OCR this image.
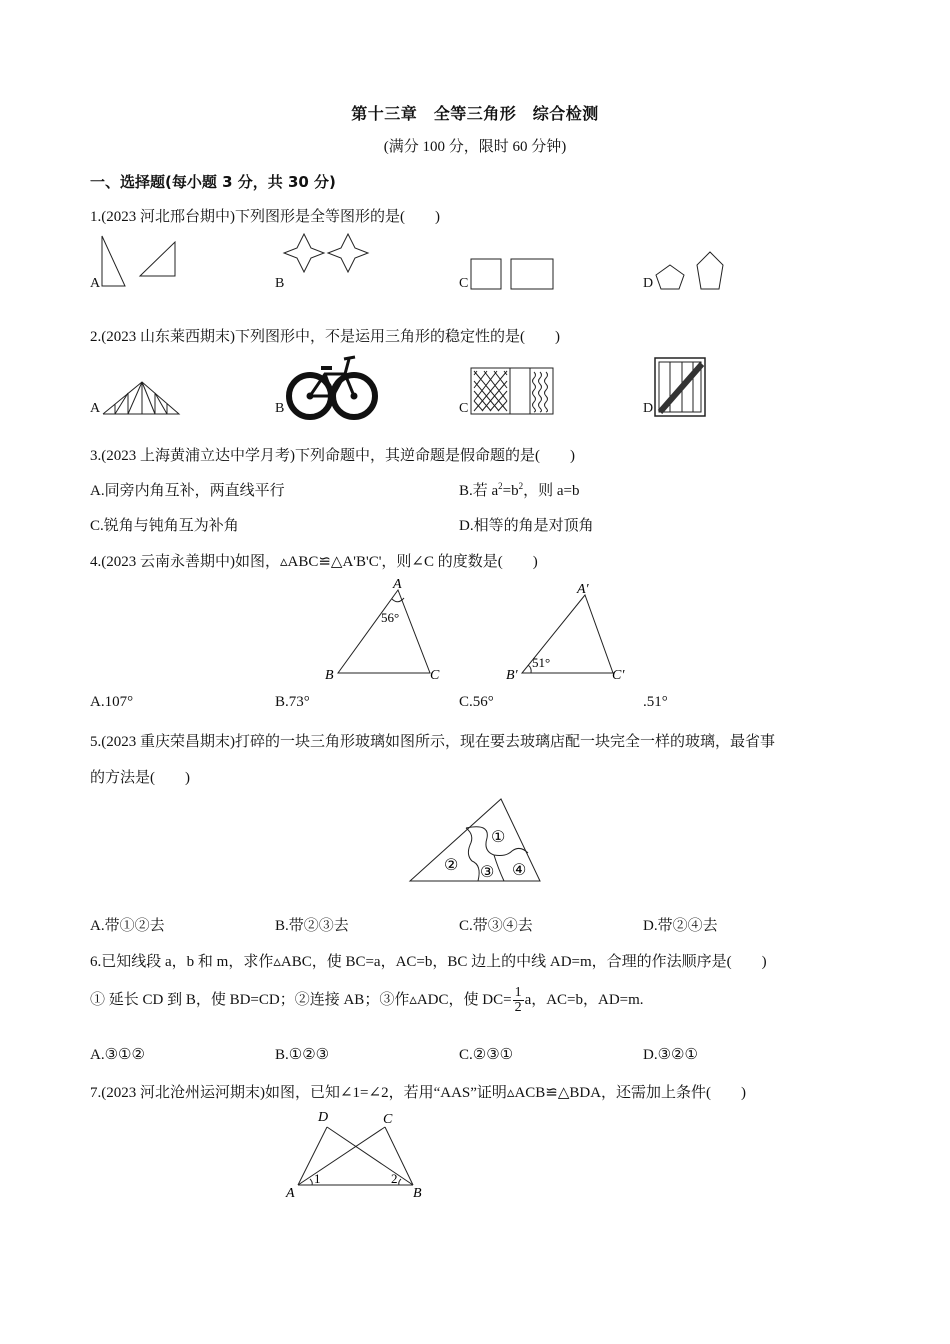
第十三章　全等三角形　综合检测
(满分 100 分，限时 60 分钟)
一、选择题(每小题 3 分，共 30 分)
1.(2023 河北邢台期中)下列图形是全等图形的是(　　)
A	B	C	D
2.(2023 山东莱西期末)下列图形中，不是运用三角形的稳定性的是(　　)
A	B	C	D
3.(2023 上海黄浦立达中学月考)下列命题中，其逆命题是假命题的是(　　)
A.同旁内角互补，两直线平行	B.若 $a^2=b^2$，则 a=b
C.锐角与钝角互为补角	D.相等的角是对顶角
4.(2023 云南永善期中)如图，▵ABC≌△A'B'C'，则∠C 的度数是(　　)
A
B	C
56°
A′
B′	C′
51°
A.107°	B.73°	C.56°	.51°
5.(2023 重庆荣昌期末)打碎的一块三角形玻璃如图所示，现在要去玻璃店配一块完全一样的玻璃，最省事
的方法是(　　)
①
② ③ ④
A.带①②去	B.带②③去	C.带③④去	D.带②④去
6.已知线段 a，b 和 m，求作▵ABC，使 BC=a，AC=b，BC 边上的中线 AD=m，合理的作法顺序是(　　)
① 延长 CD 到 B，使 BD=CD；②连接 AB；③作▵ADC，使 $DC= \frac{1}{2}$ a，AC=b，AD=m.
A.③①②	B.①②③	C.②③①	D.③②①
7.(2023 河北沧州运河期末)如图，已知∠1=∠2，若用“AAS”证明▵ACB≌△BDA，还需加上条件(　　)
D	C
A	B
1	2
